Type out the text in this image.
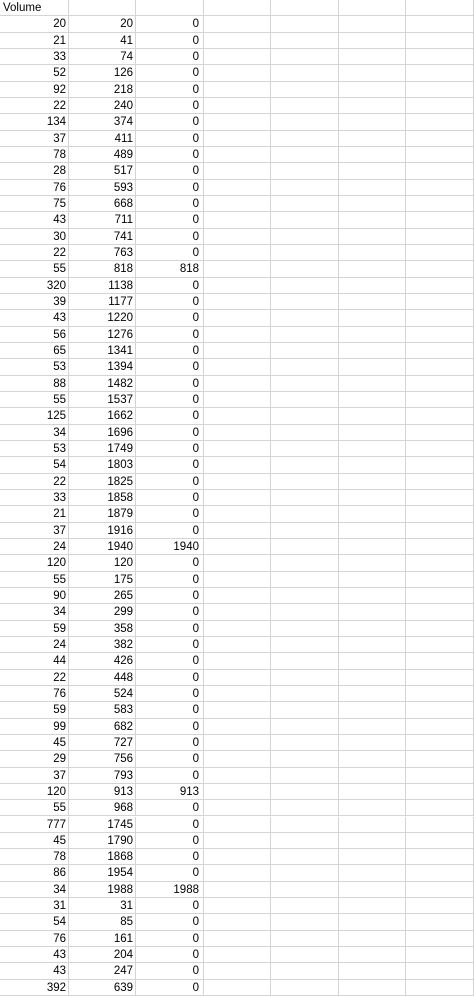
Volume
20	20	0
21	41	0
33	74	0
52	126	0
92	218	0
22	240	0
134	374	0
37	411	0
78	489	0
28	517	0
76	593	0
75	668	0
43	711	0
30	741	0
22	763	0
55	818	818
320	1138	0
39	1177	0
43	1220	0
56	1276	0
65	1341	0
53	1394	0
88	1482	0
55	1537	0
125	1662	0
34	1696	0
53	1749	0
54	1803	0
22	1825	0
33	1858	0
21	1879	0
37	1916	0
24	1940	1940
120	120	0
55	175	0
90	265	0
34	299	0
59	358	0
24	382	0
44	426	0
22	448	0
76	524	0
59	583	0
99	682	0
45	727	0
29	756	0
37	793	0
120	913	913
55	968	0
777	1745	0
45	1790	0
78	1868	0
86	1954	0
34	1988	1988
31	31	0
54	85	0
76	161	0
43	204	0
43	247	0
392	639	0
